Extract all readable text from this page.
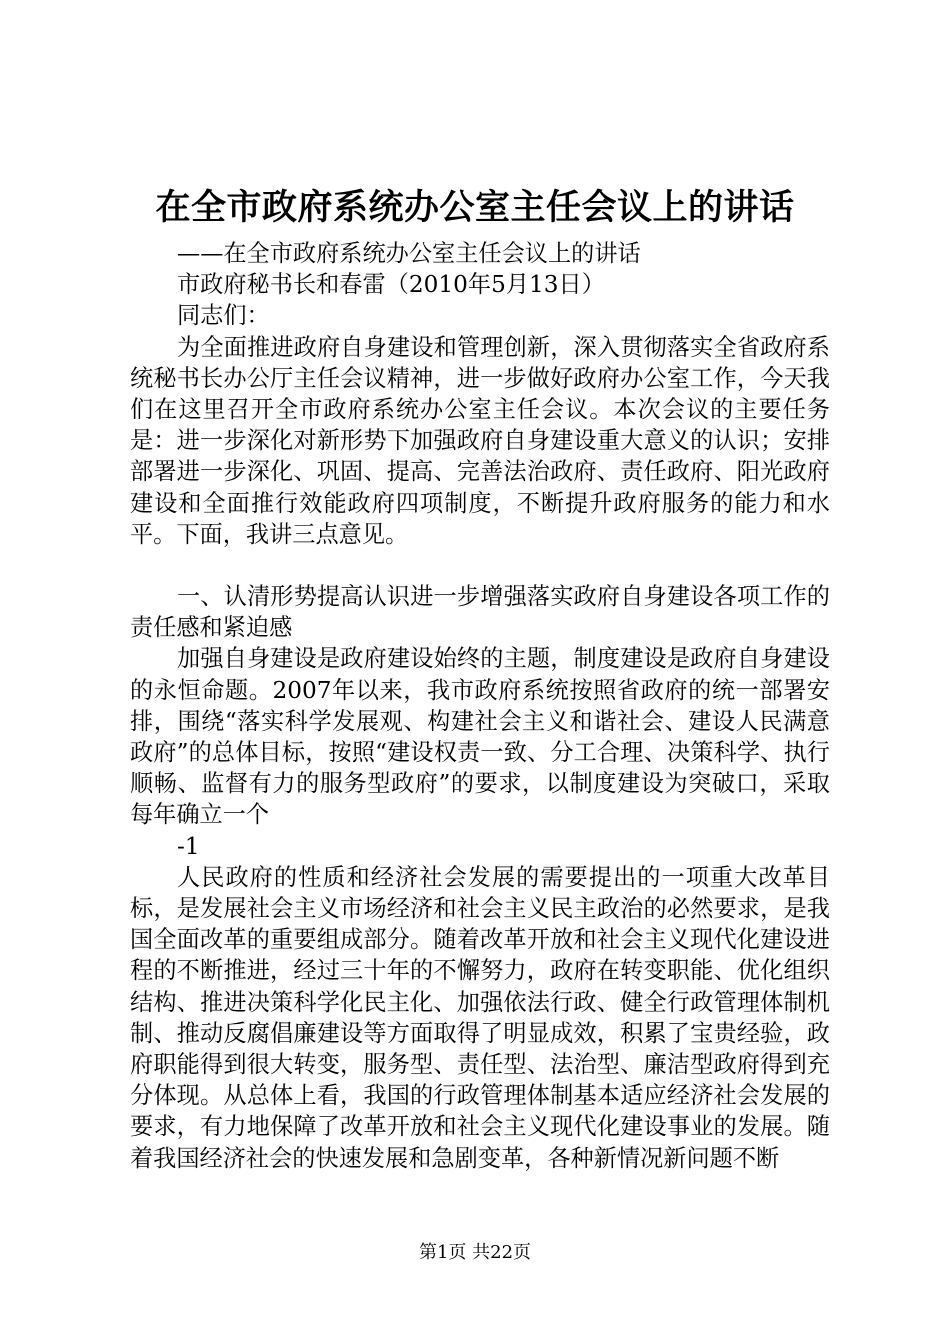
在全市政府系统办公室主任会议上的讲话

——在全市政府系统办公室主任会议上的讲话

市政府秘书长和春雷（2010年5月13日）

同志们：

为全面推进政府自身建设和管理创新，深入贯彻落实全省政府系统秘书长办公厅主任会议精神，进一步做好政府办公室工作，今天我们在这里召开全市政府系统办公室主任会议。本次会议的主要任务是：进一步深化对新形势下加强政府自身建设重大意义的认识；安排部署进一步深化、巩固、提高、完善法治政府、责任政府、阳光政府建设和全面推行效能政府四项制度，不断提升政府服务的能力和水平。下面，我讲三点意见。

一、认清形势提高认识进一步增强落实政府自身建设各项工作的责任感和紧迫感

加强自身建设是政府建设始终的主题，制度建设是政府自身建设的永恒命题。2007年以来，我市政府系统按照省政府的统一部署安排，围绕“落实科学发展观、构建社会主义和谐社会、建设人民满意政府”的总体目标，按照“建设权责一致、分工合理、决策科学、执行顺畅、监督有力的服务型政府”的要求，以制度建设为突破口，采取每年确立一个

-1

人民政府的性质和经济社会发展的需要提出的一项重大改革目标，是发展社会主义市场经济和社会主义民主政治的必然要求，是我国全面改革的重要组成部分。随着改革开放和社会主义现代化建设进程的不断推进，经过三十年的不懈努力，政府在转变职能、优化组织结构、推进决策科学化民主化、加强依法行政、健全行政管理体制机制、推动反腐倡廉建设等方面取得了明显成效，积累了宝贵经验，政府职能得到很大转变，服务型、责任型、法治型、廉洁型政府得到充分体现。从总体上看，我国的行政管理体制基本适应经济社会发展的要求，有力地保障了改革开放和社会主义现代化建设事业的发展。随着我国经济社会的快速发展和急剧变革，各种新情况新问题不断

第1页 共22页
